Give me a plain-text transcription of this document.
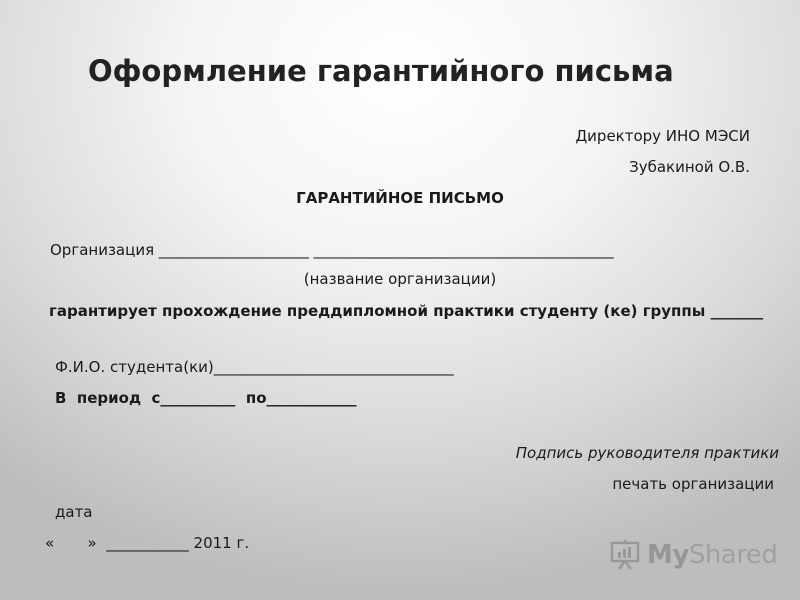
Оформление гарантийного письма
Директору ИНО МЭСИ
Зубакиной О.В.
ГАРАНТИЙНОЕ ПИСЬМО
Организация ____________________ ________________________________________
(название организации)
гарантирует прохождение преддипломной практики студенту (ке) группы _______
Ф.И.О. студента(ки)________________________________
В  период  с__________  по____________
Подпись руководителя практики
печать организации
дата
«       »  ___________ 2011 г.	MyShared
